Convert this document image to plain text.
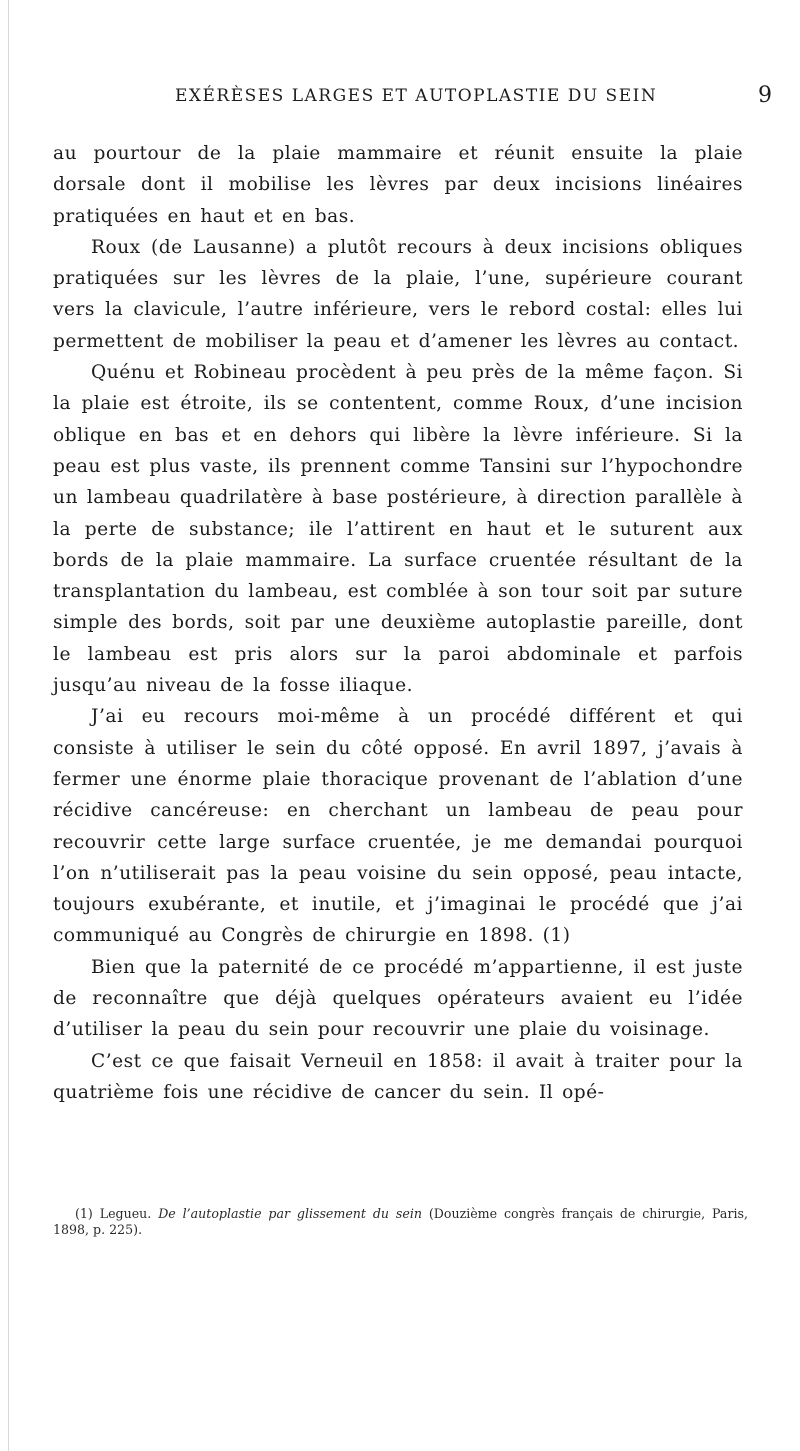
EXÉRÈSES LARGES ET AUTOPLASTIE DU SEIN	9

au pourtour de la plaie mammaire et réunit ensuite la plaie dorsale dont il mobilise les lèvres par deux incisions linéaires pratiquées en haut et en bas.

Roux (de Lausanne) a plutôt recours à deux incisions obliques pratiquées sur les lèvres de la plaie, l’une, supérieure courant vers la clavicule, l’autre inférieure, vers le rebord costal: elles lui permettent de mobiliser la peau et d’amener les lèvres au contact.

Quénu et Robineau procèdent à peu près de la même façon. Si la plaie est étroite, ils se contentent, comme Roux, d’une incision oblique en bas et en dehors qui libère la lèvre inférieure. Si la peau est plus vaste, ils prennent comme Tansini sur l’hypochondre un lambeau quadrilatère à base postérieure, à direction parallèle à la perte de substance; ile l’attirent en haut et le suturent aux bords de la plaie mammaire. La surface cruentée résultant de la transplantation du lambeau, est comblée à son tour soit par suture simple des bords, soit par une deuxième autoplastie pareille, dont le lambeau est pris alors sur la paroi abdominale et parfois jusqu’au niveau de la fosse iliaque.

J’ai eu recours moi-même à un procédé différent et qui consiste à utiliser le sein du côté opposé. En avril 1897, j’avais à fermer une énorme plaie thoracique provenant de l’ablation d’une récidive cancéreuse: en cherchant un lambeau de peau pour recouvrir cette large surface cruentée, je me demandai pourquoi l’on n’utiliserait pas la peau voisine du sein opposé, peau intacte, toujours exubérante, et inutile, et j’imaginai le procédé que j’ai communiqué au Congrès de chirurgie en 1898. (1)

Bien que la paternité de ce procédé m’appartienne, il est juste de reconnaître que déjà quelques opérateurs avaient eu l’idée d’utiliser la peau du sein pour recouvrir une plaie du voisinage.

C’est ce que faisait Verneuil en 1858: il avait à traiter pour la quatrième fois une récidive de cancer du sein. Il opé-

(1) Legueu. De l’autoplastie par glissement du sein (Douzième congrès français de chirurgie, Paris, 1898, p. 225).
